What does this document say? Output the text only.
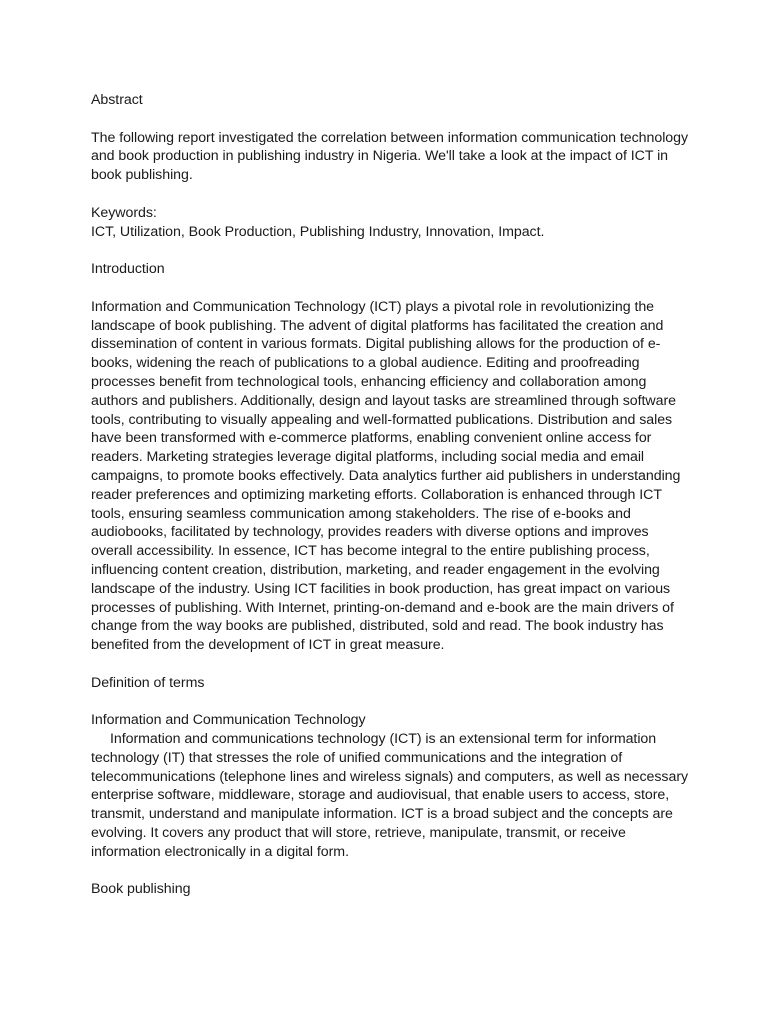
Abstract
The following report investigated the correlation between information communication technology
and book production in publishing industry in Nigeria. We'll take a look at the impact of ICT in
book publishing.
Keywords:
ICT, Utilization, Book Production, Publishing Industry, Innovation, Impact.
Introduction
Information and Communication Technology (ICT) plays a pivotal role in revolutionizing the
landscape of book publishing. The advent of digital platforms has facilitated the creation and
dissemination of content in various formats. Digital publishing allows for the production of e-
books, widening the reach of publications to a global audience. Editing and proofreading
processes benefit from technological tools, enhancing efficiency and collaboration among
authors and publishers. Additionally, design and layout tasks are streamlined through software
tools, contributing to visually appealing and well-formatted publications. Distribution and sales
have been transformed with e-commerce platforms, enabling convenient online access for
readers. Marketing strategies leverage digital platforms, including social media and email
campaigns, to promote books effectively. Data analytics further aid publishers in understanding
reader preferences and optimizing marketing efforts. Collaboration is enhanced through ICT
tools, ensuring seamless communication among stakeholders. The rise of e-books and
audiobooks, facilitated by technology, provides readers with diverse options and improves
overall accessibility. In essence, ICT has become integral to the entire publishing process,
influencing content creation, distribution, marketing, and reader engagement in the evolving
landscape of the industry. Using ICT facilities in book production, has great impact on various
processes of publishing. With Internet, printing-on-demand and e-book are the main drivers of
change from the way books are published, distributed, sold and read. The book industry has
benefited from the development of ICT in great measure.
Definition of terms
Information and Communication Technology
Information and communications technology (ICT) is an extensional term for information
technology (IT) that stresses the role of unified communications and the integration of
telecommunications (telephone lines and wireless signals) and computers, as well as necessary
enterprise software, middleware, storage and audiovisual, that enable users to access, store,
transmit, understand and manipulate information. ICT is a broad subject and the concepts are
evolving. It covers any product that will store, retrieve, manipulate, transmit, or receive
information electronically in a digital form.
Book publishing
